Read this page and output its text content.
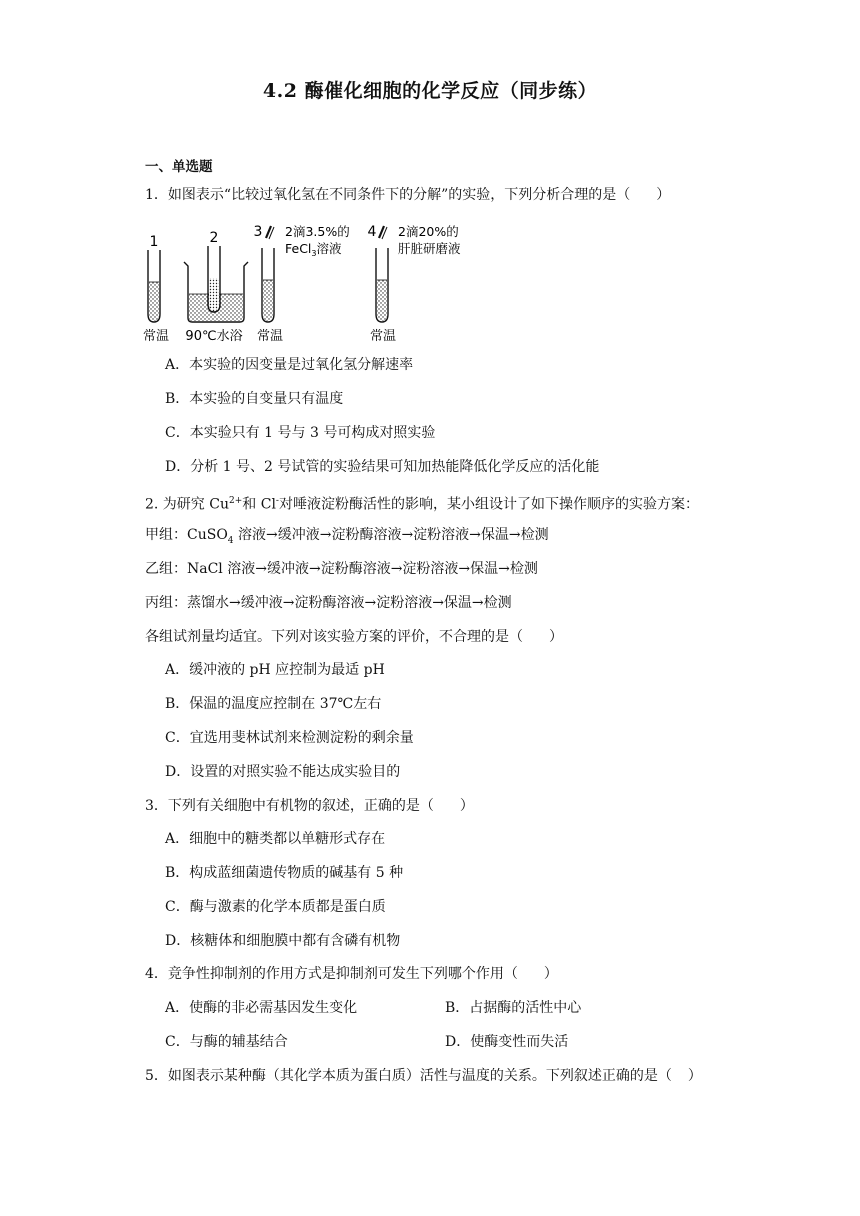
4.2 酶催化细胞的化学反应（同步练）
一、单选题
1．如图表示“比较过氧化氢在不同条件下的分解”的实验，下列分析合理的是（ ）
1	2	3 2滴3.5%的
FeCl$_3$溶液
4 2滴20%的
肝脏研磨液
常温 90℃水浴 常温	常温
A．本实验的因变量是过氧化氢分解速率
B．本实验的自变量只有温度
C．本实验只有 1 号与 3 号可构成对照实验
D．分析 1 号、2 号试管的实验结果可知加热能降低化学反应的活化能
2. 为研究 $Cu^{2+}$和 Cl-对唾液淀粉酶活性的影响，某小组设计了如下操作顺序的实验方案：
甲组：CuSO$_4$ 溶液→缓冲液→淀粉酶溶液→淀粉溶液→保温→检测
乙组：NaCl 溶液→缓冲液→淀粉酶溶液→淀粉溶液→保温→检测
丙组：蒸馏水→缓冲液→淀粉酶溶液→淀粉溶液→保温→检测
各组试剂量均适宜。下列对该实验方案的评价，不合理的是（ ）
A．缓冲液的 pH 应控制为最适 pH
B．保温的温度应控制在 37℃左右
C．宜选用斐林试剂来检测淀粉的剩余量
D．设置的对照实验不能达成实验目的
3．下列有关细胞中有机物的叙述，正确的是（ ）
A．细胞中的糖类都以单糖形式存在
B．构成蓝细菌遗传物质的碱基有 5 种
C．酶与激素的化学本质都是蛋白质
D．核糖体和细胞膜中都有含磷有机物
4．竞争性抑制剂的作用方式是抑制剂可发生下列哪个作用（ ）
A．使酶的非必需基因发生变化	B．占据酶的活性中心
C．与酶的辅基结合	D．使酶变性而失活
5．如图表示某种酶（其化学本质为蛋白质）活性与温度的关系。下列叙述正确的是（ ）
